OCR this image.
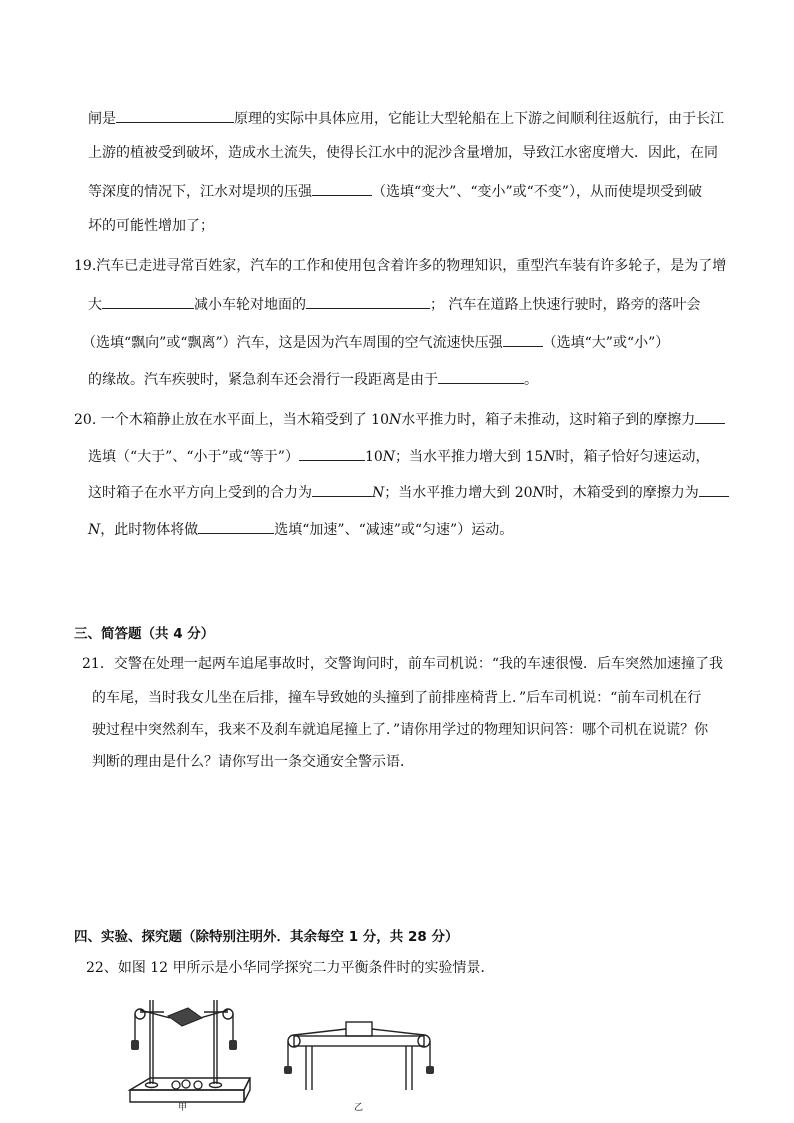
闸是	原理的实际中具体应用，它能让大型轮船在上下游之间顺利往返航行，由于长江
上游的植被受到破坏，造成水土流失，使得长江水中的泥沙含量增加，导致江水密度增大．因此，在同
等深度的情况下，江水对堤坝的压强	（选填“变大”、“变小”或“不变”），从而使堤坝受到破
坏的可能性增加了；
19.汽车已走进寻常百姓家，汽车的工作和使用包含着许多的物理知识，重型汽车装有许多轮子，是为了增
大	减小车轮对地面的	； 汽车在道路上快速行驶时，路旁的落叶会
（选填“飘向”或“飘离”）汽车，这是因为汽车周围的空气流速快压强	（选填“大”或“小”）
的缘故。汽车疾驶时，紧急刹车还会滑行一段距离是由于	。
20. 一个木箱静止放在水平面上，当木箱受到了 10N水平推力时，箱子未推动，这时箱子到的摩擦力
选填（“大于”、“小于”或“等于”）	10N；当水平推力增大到 15N时，箱子恰好匀速运动，
这时箱子在水平方向上受到的合力为	N；当水平推力增大到 20N时，木箱受到的摩擦力为
N，此时物体将做	选填“加速”、“减速”或“匀速”）运动。
三、简答题（共 4 分）
21．交警在处理一起两车追尾事故时，交警询问时，前车司机说：“我的车速很慢．后车突然加速撞了我
的车尾，当时我女儿坐在后排，撞车导致她的头撞到了前排座椅背上．”后车司机说：“前车司机在行
驶过程中突然刹车，我来不及刹车就追尾撞上了．”请你用学过的物理知识问答：哪个司机在说谎？你
判断的理由是什么？请你写出一条交通安全警示语．
四、实验、探究题（除特别注明外．其余每空 1 分，共 28 分）
22、如图 12 甲所示是小华同学探究二力平衡条件时的实验情景．
甲	乙
